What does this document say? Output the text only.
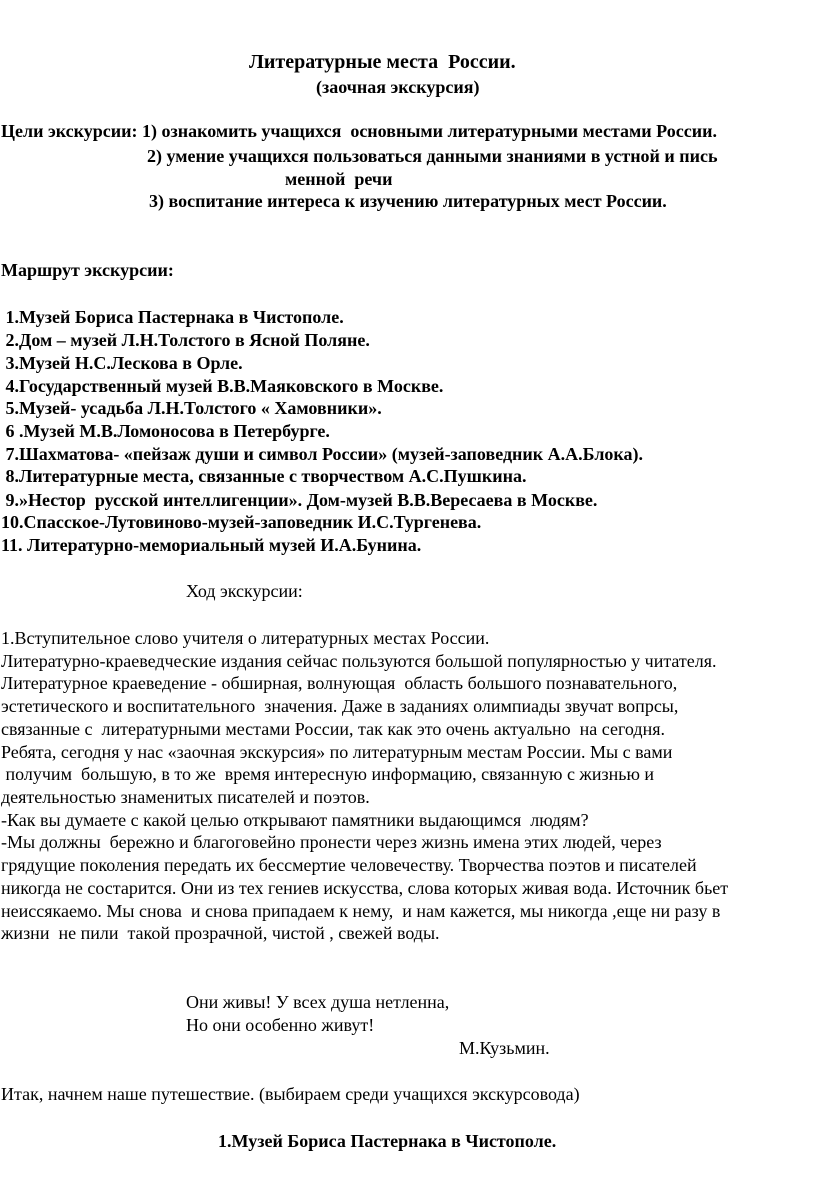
Литературные места  России.
(заочная экскурсия)
Цели экскурсии: 1) ознакомить учащихся  основными литературными местами России.
2) умение учащихся пользоваться данными знаниями в устной и пись
менной  речи
3) воспитание интереса к изучению литературных мест России.
Маршрут экскурсии:
1.Музей Бориса Пастернака в Чистополе.
2.Дом – музей Л.Н.Толстого в Ясной Поляне.
3.Музей Н.С.Лескова в Орле.
4.Государственный музей В.В.Маяковского в Москве.
5.Музей- усадьба Л.Н.Толстого « Хамовники».
6 .Музей М.В.Ломоносова в Петербурге.
7.Шахматова- «пейзаж души и символ России» (музей-заповедник А.А.Блока).
8.Литературные места, связанные с творчеством А.С.Пушкина.
9.»Нестор  русской интеллигенции». Дом-музей В.В.Вересаева в Москве.
10.Спасское-Лутовиново-музей-заповедник И.С.Тургенева.
11. Литературно-мемориальный музей И.А.Бунина.
Ход экскурсии:
1.Вступительное слово учителя о литературных местах России.
Литературно-краеведческие издания сейчас пользуются большой популярностью у читателя.
Литературное краеведение - обширная, волнующая  область большого познавательного,
эстетического и воспитательного  значения. Даже в заданиях олимпиады звучат вопрсы,
связанные с  литературными местами России, так как это очень актуально  на сегодня.
Ребята, сегодня у нас «заочная экскурсия» по литературным местам России. Мы с вами
получим  большую, в то же  время интересную информацию, связанную с жизнью и
деятельностью знаменитых писателей и поэтов.
-Как вы думаете с какой целью открывают памятники выдающимся  людям?
-Мы должны  бережно и благоговейно пронести через жизнь имена этих людей, через
грядущие поколения передать их бессмертие человечеству. Творчества поэтов и писателей
никогда не состарится. Они из тех гениев искусства, слова которых живая вода. Источник бьет
неиссякаемо. Мы снова  и снова припадаем к нему,  и нам кажется, мы никогда ,еще ни разу в
жизни  не пили  такой прозрачной, чистой , свежей воды.
Они живы! У всех душа нетленна,
Но они особенно живут!
М.Кузьмин.
Итак, начнем наше путешествие. (выбираем среди учащихся экскурсовода)
1.Музей Бориса Пастернака в Чистополе.
